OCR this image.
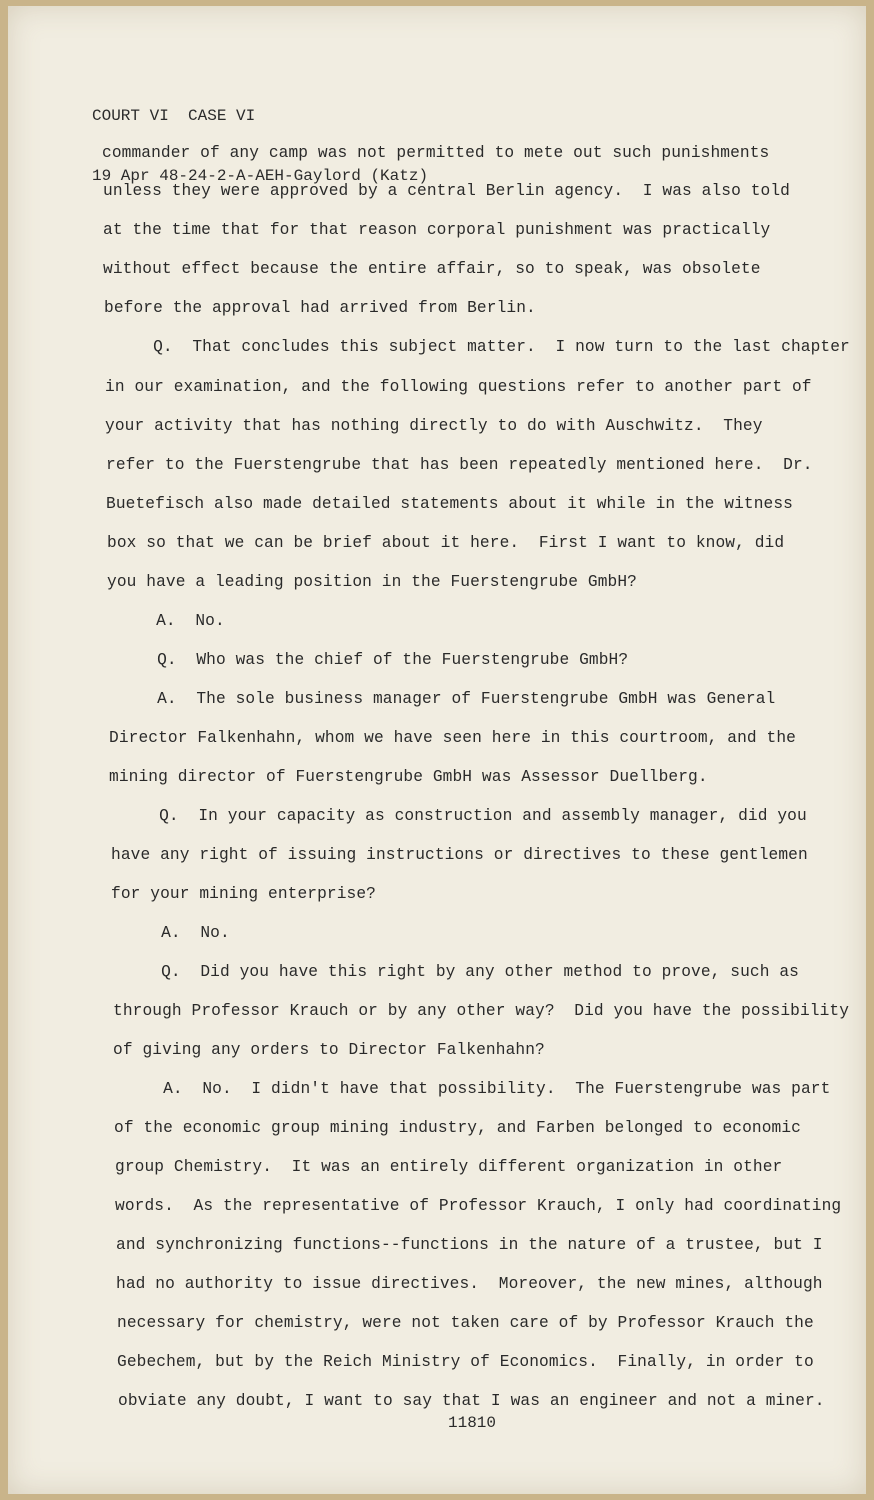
COURT VI  CASE VI

19 Apr 48-24-2-A-AEH-Gaylord (Katz)

commander of any camp was not permitted to mete out such punishments
unless they were approved by a central Berlin agency.  I was also told
at the time that for that reason corporal punishment was practically
without effect because the entire affair, so to speak, was obsolete
before the approval had arrived from Berlin.
Q.  That concludes this subject matter.  I now turn to the last chapter
in our examination, and the following questions refer to another part of
your activity that has nothing directly to do with Auschwitz.  They
refer to the Fuerstengrube that has been repeatedly mentioned here.  Dr.
Buetefisch also made detailed statements about it while in the witness
box so that we can be brief about it here.  First I want to know, did
you have a leading position in the Fuerstengrube GmbH?
A.  No.
Q.  Who was the chief of the Fuerstengrube GmbH?
A.  The sole business manager of Fuerstengrube GmbH was General
Director Falkenhahn, whom we have seen here in this courtroom, and the
mining director of Fuerstengrube GmbH was Assessor Duellberg.
Q.  In your capacity as construction and assembly manager, did you
have any right of issuing instructions or directives to these gentlemen
for your mining enterprise?
A.  No.
Q.  Did you have this right by any other method to prove, such as
through Professor Krauch or by any other way?  Did you have the possibility
of giving any orders to Director Falkenhahn?
A.  No.  I didn't have that possibility.  The Fuerstengrube was part
of the economic group mining industry, and Farben belonged to economic
group Chemistry.  It was an entirely different organization in other
words.  As the representative of Professor Krauch, I only had coordinating
and synchronizing functions--functions in the nature of a trustee, but I
had no authority to issue directives.  Moreover, the new mines, although
necessary for chemistry, were not taken care of by Professor Krauch the
Gebechem, but by the Reich Ministry of Economics.  Finally, in order to
obviate any doubt, I want to say that I was an engineer and not a miner.
11810
